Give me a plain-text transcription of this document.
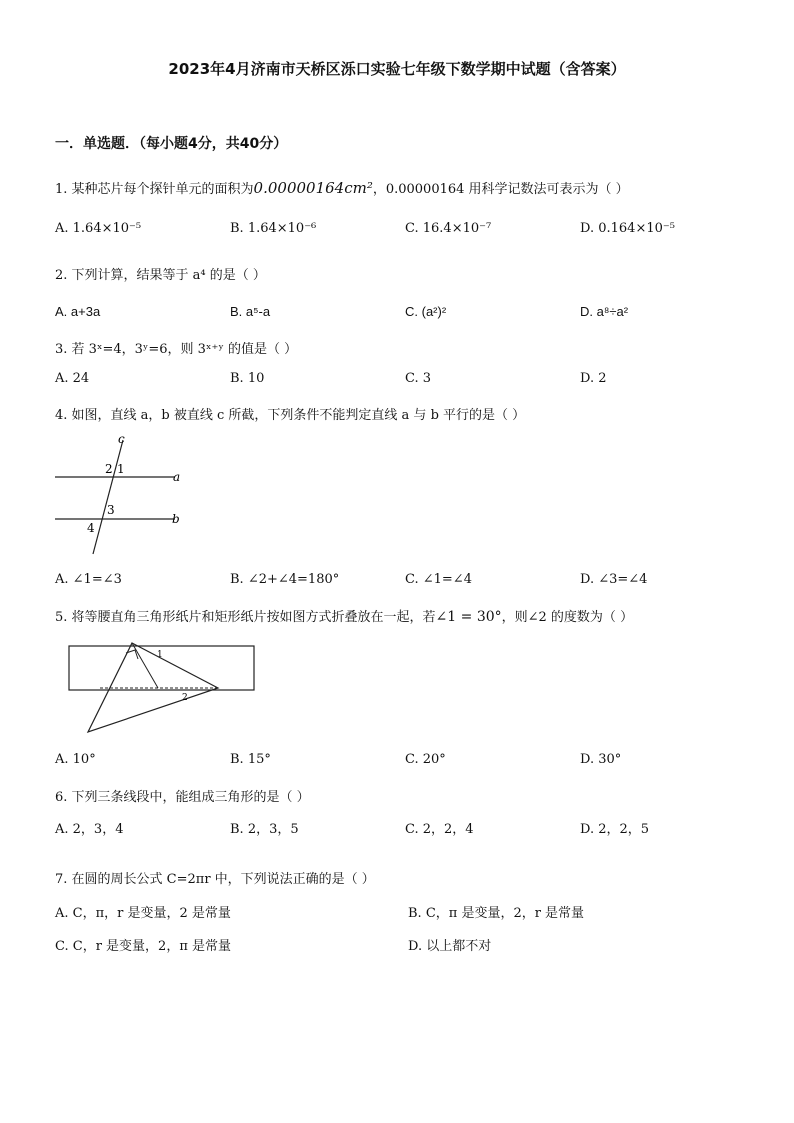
2023年4月济南市天桥区泺口实验七年级下数学期中试题（含答案）
一．单选题．（每小题4分，共40分）
1. 某种芯片每个探针单元的面积为0.00000164cm²，0.00000164 用科学记数法可表示为（ ）
A. 1.64×10⁻⁵	B. 1.64×10⁻⁶	C. 16.4×10⁻⁷	D. 0.164×10⁻⁵
2. 下列计算，结果等于 a⁴ 的是（ ）
A. a+3a	B. a⁵-a	C. (a²)²	D. a⁸÷a²
3. 若 3ˣ=4，3ʸ=6，则 3ˣ⁺ʸ 的值是（ ）
A. 24	B. 10	C. 3	D. 2
4. 如图，直线 a，b 被直线 c 所截，下列条件不能判定直线 a 与 b 平行的是（ ）
c
2 1
a
3
b
4
A. ∠1=∠3	B. ∠2+∠4=180°	C. ∠1=∠4	D. ∠3=∠4
5. 将等腰直角三角形纸片和矩形纸片按如图方式折叠放在一起，若∠1 = 30°，则∠2 的度数为（ ）
1
2
A. 10°	B. 15°	C. 20°	D. 30°
6. 下列三条线段中，能组成三角形的是（ ）
A. 2，3，4	B. 2，3，5	C. 2，2，4	D. 2，2，5
7. 在圆的周长公式 C=2πr 中，下列说法正确的是（ ）
A. C，π，r 是变量，2 是常量	B. C，π 是变量，2，r 是常量
C. C，r 是变量，2，π 是常量	D. 以上都不对
